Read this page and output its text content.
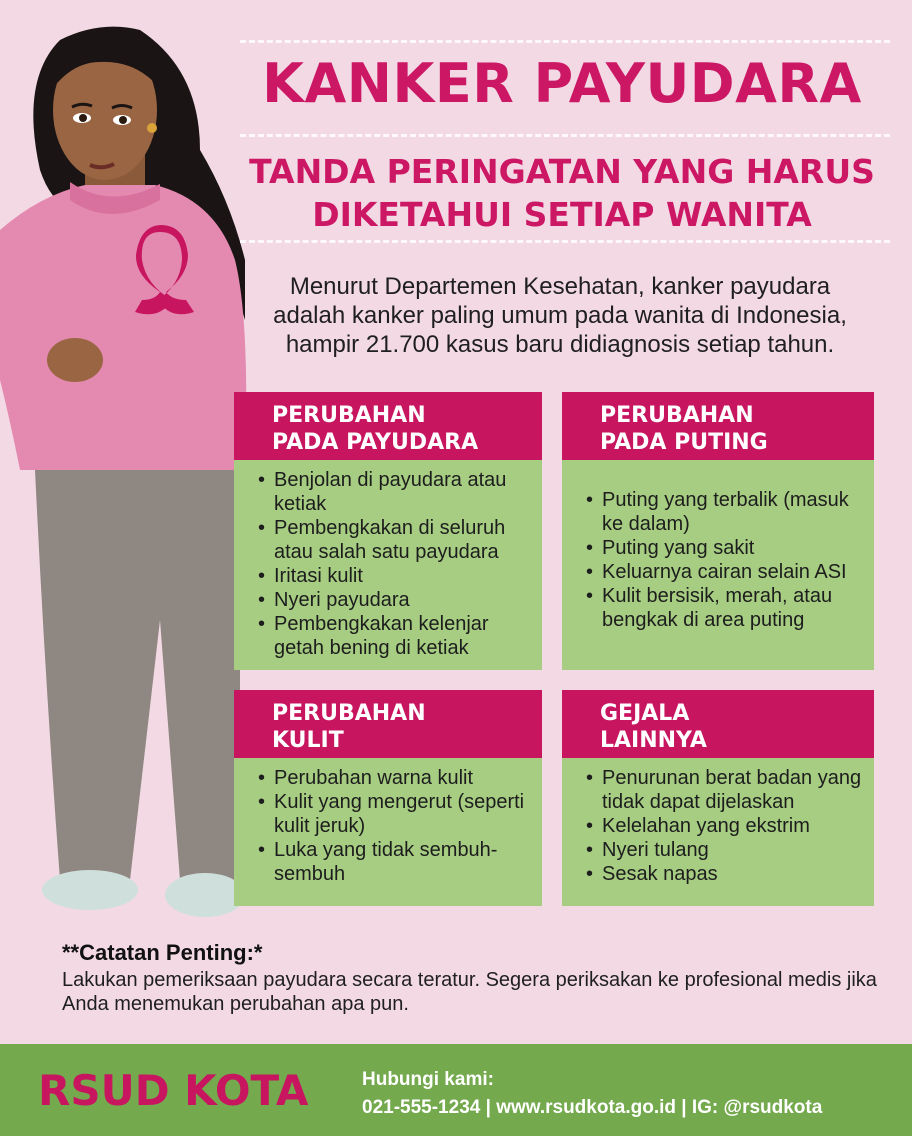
KANKER PAYUDARA
TANDA PERINGATAN YANG HARUS
DIKETAHUI SETIAP WANITA
Menurut Departemen Kesehatan, kanker payudara
adalah kanker paling umum pada wanita di Indonesia,
hampir 21.700 kasus baru didiagnosis setiap tahun.
PERUBAHAN
PADA PAYUDARA
• Benjolan di payudara atau ketiak
• Pembengkakan di seluruh atau salah satu payudara
• Iritasi kulit
• Nyeri payudara
• Pembengkakan kelenjar getah bening di ketiak
PERUBAHAN
PADA PUTING
• Puting yang terbalik (masuk ke dalam)
• Puting yang sakit
• Keluarnya cairan selain ASI
• Kulit bersisik, merah, atau bengkak di area puting
PERUBAHAN
KULIT
• Perubahan warna kulit
• Kulit yang mengerut (seperti kulit jeruk)
• Luka yang tidak sembuh-sembuh
GEJALA
LAINNYA
• Penurunan berat badan yang tidak dapat dijelaskan
• Kelelahan yang ekstrim
• Nyeri tulang
• Sesak napas
**Catatan Penting:*
Lakukan pemeriksaan payudara secara teratur. Segera periksakan ke profesional medis jika Anda menemukan perubahan apa pun.
RSUD KOTA	Hubungi kami:
021-555-1234 | www.rsudkota.go.id | IG: @rsudkota
